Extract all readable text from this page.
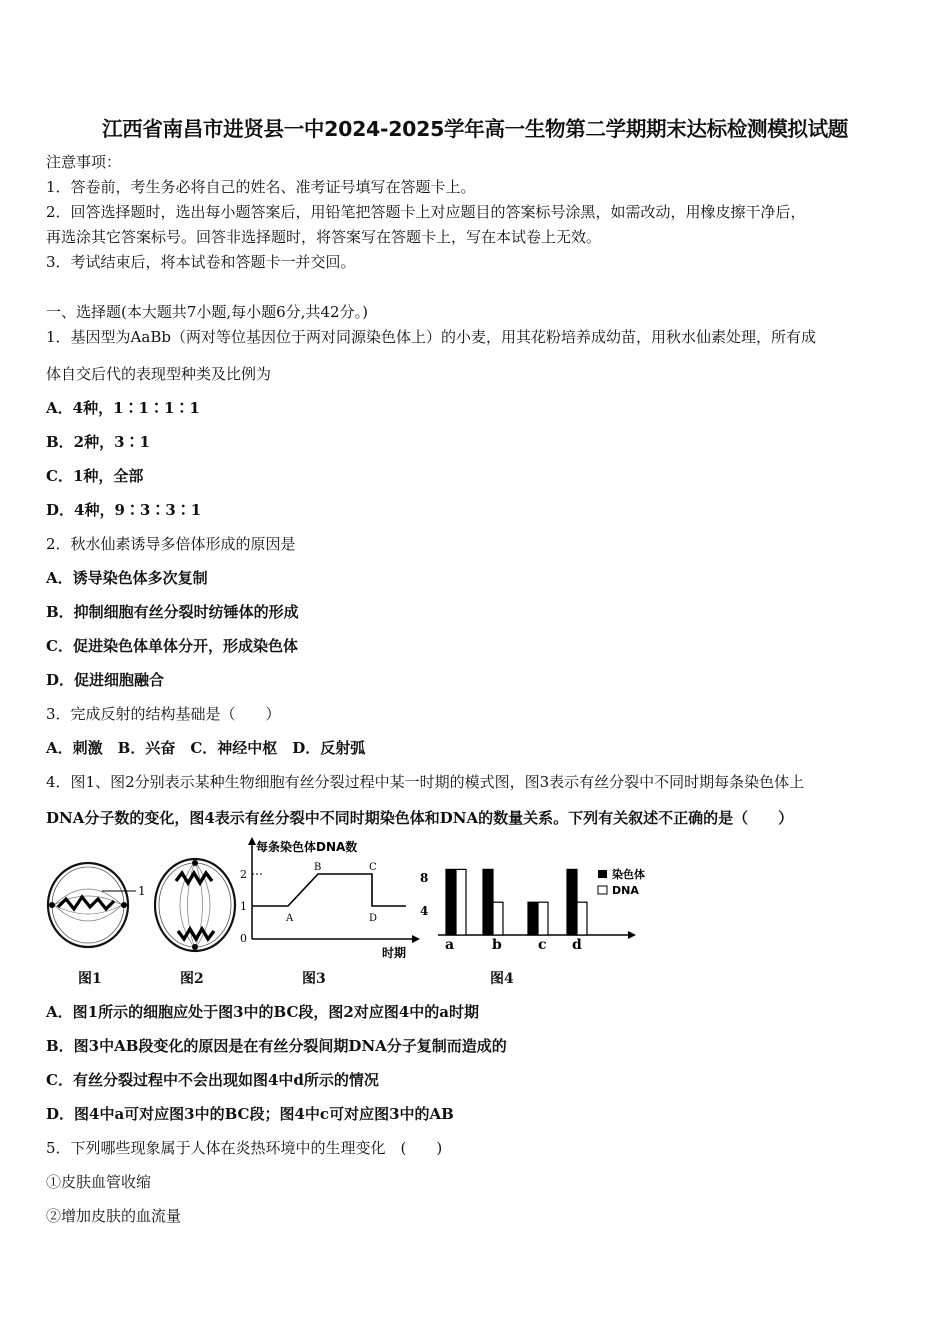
江西省南昌市进贤县一中2024-2025学年高一生物第二学期期末达标检测模拟试题
注意事项：
1．答卷前，考生务必将自己的姓名、准考证号填写在答题卡上。
2．回答选择题时，选出每小题答案后，用铅笔把答题卡上对应题目的答案标号涂黑，如需改动，用橡皮擦干净后，
再选涂其它答案标号。回答非选择题时，将答案写在答题卡上，写在本试卷上无效。
3．考试结束后，将本试卷和答题卡一并交回。
一、选择题(本大题共7小题,每小题6分,共42分。)
1．基因型为AaBb（两对等位基因位于两对同源染色体上）的小麦，用其花粉培养成幼苗，用秋水仙素处理，所有成
体自交后代的表现型种类及比例为
A．4种，1∶1∶1∶1
B．2种，3∶1
C．1种，全部
D．4种，9∶3∶3∶1
2．秋水仙素诱导多倍体形成的原因是
A．诱导染色体多次复制
B．抑制细胞有丝分裂时纺锤体的形成
C．促进染色体单体分开，形成染色体
D．促进细胞融合
3．完成反射的结构基础是（　　）
A．刺激　B．兴奋　C．神经中枢　D．反射弧
4．图1、图2分别表示某种生物细胞有丝分裂过程中某一时期的模式图，图3表示有丝分裂中不同时期每条染色体上
DNA分子数的变化，图4表示有丝分裂中不同时期染色体和DNA的数量关系。下列有关叙述不正确的是（　　）
1
每条染色体DNA数
2
1
0
A
B	C
D
时期
8
4
染色体
DNA
a	b	c d
图1	图2	图3	图4
A．图1所示的细胞应处于图3中的BC段，图2对应图4中的a时期
B．图3中AB段变化的原因是在有丝分裂间期DNA分子复制而造成的
C．有丝分裂过程中不会出现如图4中d所示的情况
D．图4中a可对应图3中的BC段；图4中c可对应图3中的AB
5．下列哪些现象属于人体在炎热环境中的生理变化　(　　)
①皮肤血管收缩
②增加皮肤的血流量
